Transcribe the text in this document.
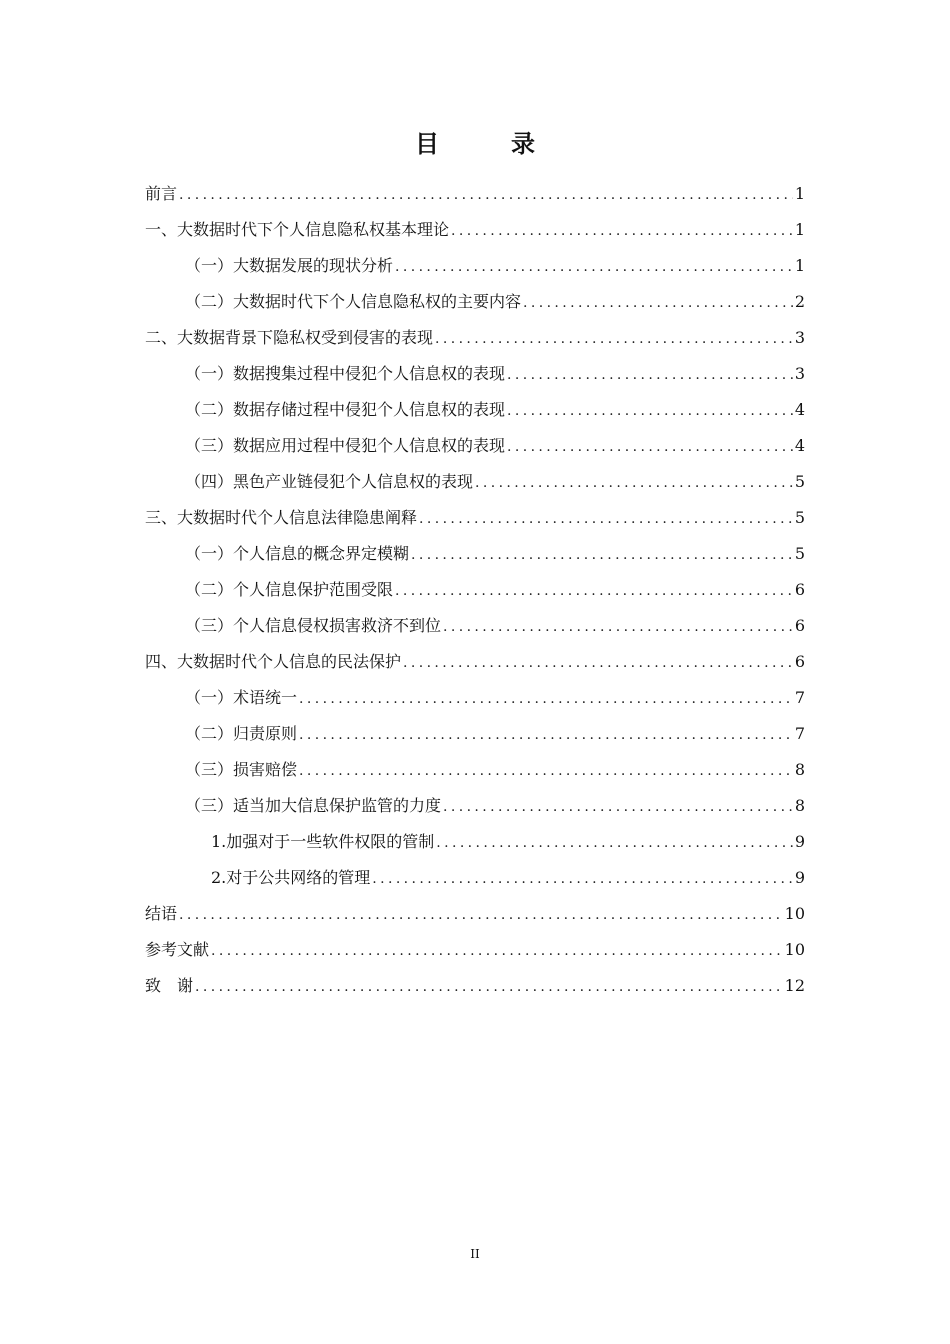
目　录
前言 .....	1
一、大数据时代下个人信息隐私权基本理论 .....	1
（一）大数据发展的现状分析 .....	1
（二）大数据时代下个人信息隐私权的主要内容 .....	2
二、大数据背景下隐私权受到侵害的表现 .....	3
（一）数据搜集过程中侵犯个人信息权的表现 .....	3
（二）数据存储过程中侵犯个人信息权的表现 .....	4
（三）数据应用过程中侵犯个人信息权的表现 .....	4
（四）黑色产业链侵犯个人信息权的表现 .....	5
三、大数据时代个人信息法律隐患阐释 .....	5
（一）个人信息的概念界定模糊 .....	5
（二）个人信息保护范围受限 .....	6
（三）个人信息侵权损害救济不到位 .....	6
四、大数据时代个人信息的民法保护 .....	6
（一）术语统一 .....	7
（二）归责原则 .....	7
（三）损害赔偿 .....	8
（三）适当加大信息保护监管的力度 .....	8
1.加强对于一些软件权限的管制 .....	9
2.对于公共网络的管理 .....	9
结语 .....	10
参考文献 .....	10
致　谢 .....	12
II
